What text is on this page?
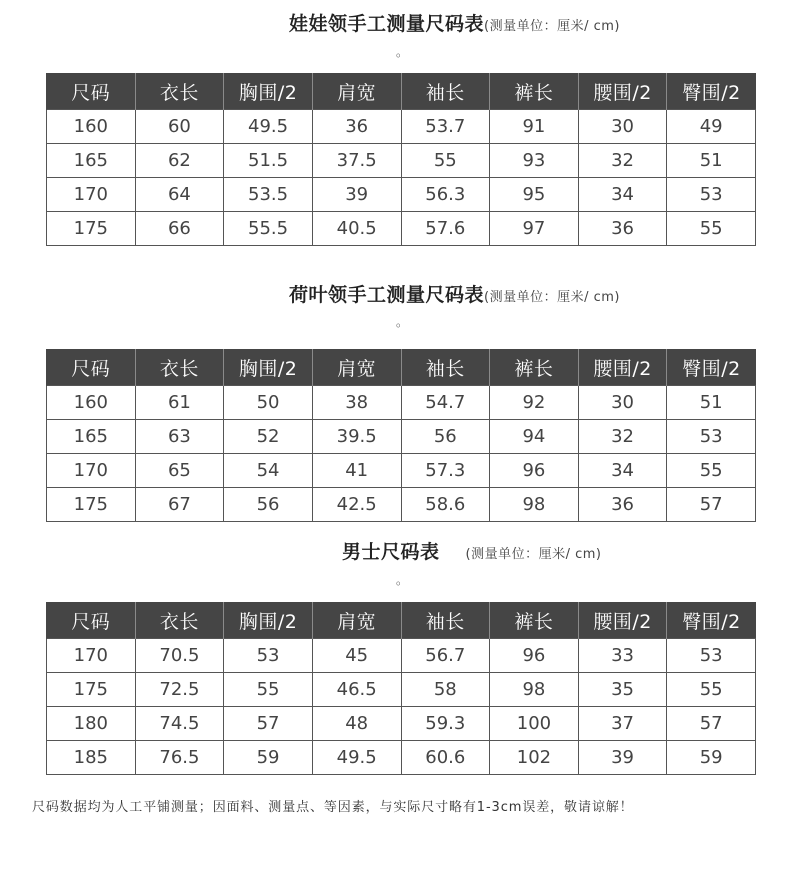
娃娃领手工测量尺码表(测量单位：厘米/ cm)
。
尺码	衣长	胸围/2	肩宽	袖长	裤长	腰围/2	臀围/2
160	60	49.5	36	53.7	91	30	49
165	62	51.5	37.5	55	93	32	51
170	64	53.5	39	56.3	95	34	53
175	66	55.5	40.5	57.6	97	36	55
荷叶领手工测量尺码表(测量单位：厘米/ cm)
。
尺码	衣长	胸围/2	肩宽	袖长	裤长	腰围/2	臀围/2
160	61	50	38	54.7	92	30	51
165	63	52	39.5	56	94	32	53
170	65	54	41	57.3	96	34	55
175	67	56	42.5	58.6	98	36	57
男士尺码表 (测量单位：厘米/ cm)
。
尺码	衣长	胸围/2	肩宽	袖长	裤长	腰围/2	臀围/2
170	70.5	53	45	56.7	96	33	53
175	72.5	55	46.5	58	98	35	55
180	74.5	57	48	59.3	100	37	57
185	76.5	59	49.5	60.6	102	39	59
尺码数据均为人工平铺测量；因面料、测量点、等因素，与实际尺寸略有1-3cm误差，敬请谅解！
